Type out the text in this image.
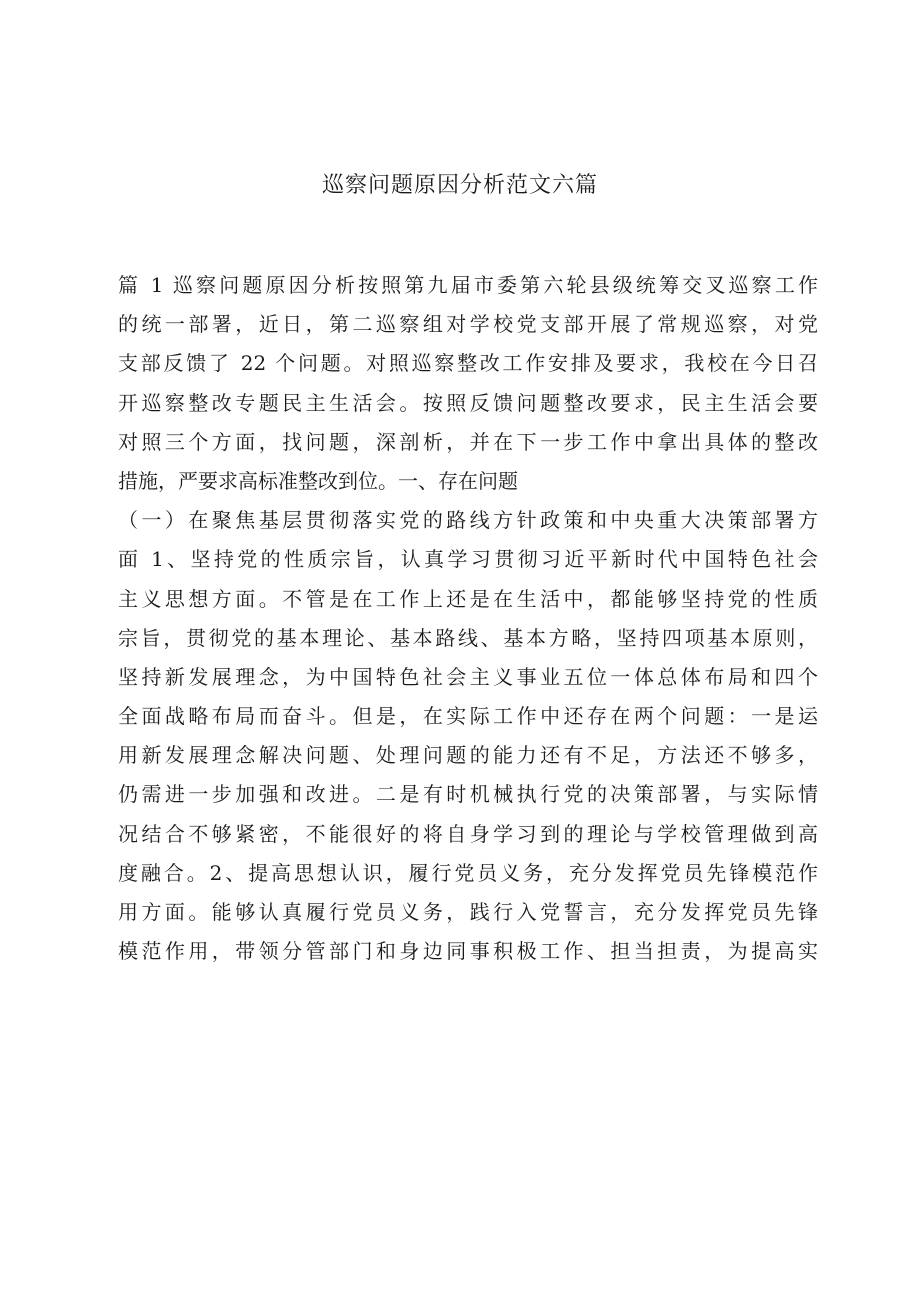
巡察问题原因分析范文六篇
篇 1 巡察问题原因分析按照第九届市委第六轮县级统筹交叉巡察工作
的统一部署，近日，第二巡察组对学校党支部开展了常规巡察，对党
支部反馈了 22 个问题。对照巡察整改工作安排及要求，我校在今日召
开巡察整改专题民主生活会。按照反馈问题整改要求，民主生活会要
对照三个方面，找问题，深剖析，并在下一步工作中拿出具体的整改
措施，严要求高标准整改到位。一、存在问题
（一）在聚焦基层贯彻落实党的路线方针政策和中央重大决策部署方
面 1、坚持党的性质宗旨，认真学习贯彻习近平新时代中国特色社会
主义思想方面。不管是在工作上还是在生活中，都能够坚持党的性质
宗旨，贯彻党的基本理论、基本路线、基本方略，坚持四项基本原则，
坚持新发展理念，为中国特色社会主义事业五位一体总体布局和四个
全面战略布局而奋斗。但是，在实际工作中还存在两个问题：一是运
用新发展理念解决问题、处理问题的能力还有不足，方法还不够多，
仍需进一步加强和改进。二是有时机械执行党的决策部署，与实际情
况结合不够紧密，不能很好的将自身学习到的理论与学校管理做到高
度融合。2、提高思想认识，履行党员义务，充分发挥党员先锋模范作
用方面。能够认真履行党员义务，践行入党誓言，充分发挥党员先锋
模范作用，带领分管部门和身边同事积极工作、担当担责，为提高实
